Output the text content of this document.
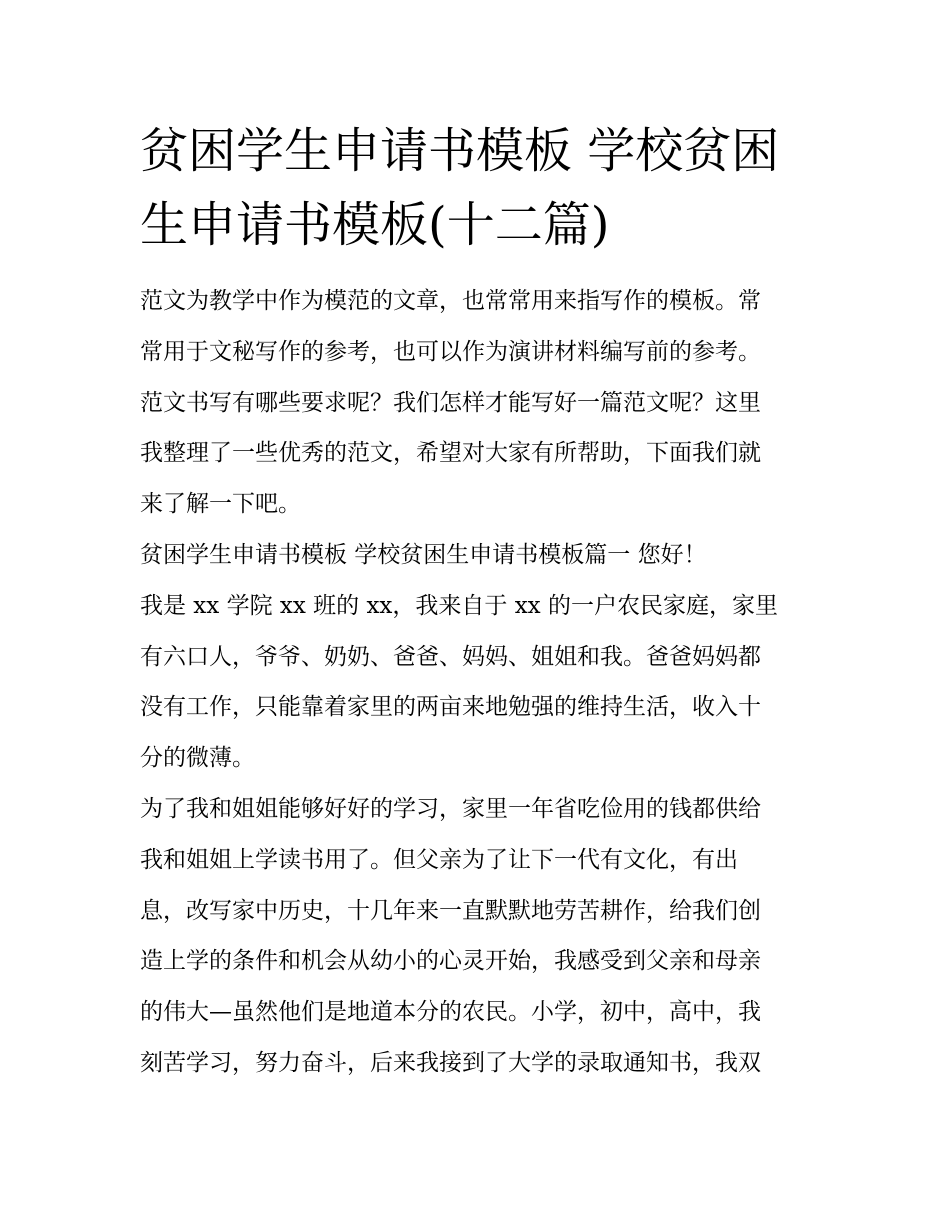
贫困学生申请书模板 学校贫困
生申请书模板(十二篇)
范文为教学中作为模范的文章，也常常用来指写作的模板。常
常用于文秘写作的参考，也可以作为演讲材料编写前的参考。
范文书写有哪些要求呢？我们怎样才能写好一篇范文呢？这里
我整理了一些优秀的范文，希望对大家有所帮助，下面我们就
来了解一下吧。
贫困学生申请书模板 学校贫困生申请书模板篇一 您好！
我是 xx 学院 xx 班的 xx，我来自于 xx 的一户农民家庭，家里
有六口人，爷爷、奶奶、爸爸、妈妈、姐姐和我。爸爸妈妈都
没有工作，只能靠着家里的两亩来地勉强的维持生活，收入十
分的微薄。
为了我和姐姐能够好好的学习，家里一年省吃俭用的钱都供给
我和姐姐上学读书用了。但父亲为了让下一代有文化，有出
息，改写家中历史，十几年来一直默默地劳苦耕作，给我们创
造上学的条件和机会从幼小的心灵开始，我感受到父亲和母亲
的伟大—虽然他们是地道本分的农民。小学，初中，高中，我
刻苦学习，努力奋斗，后来我接到了大学的录取通知书，我双
